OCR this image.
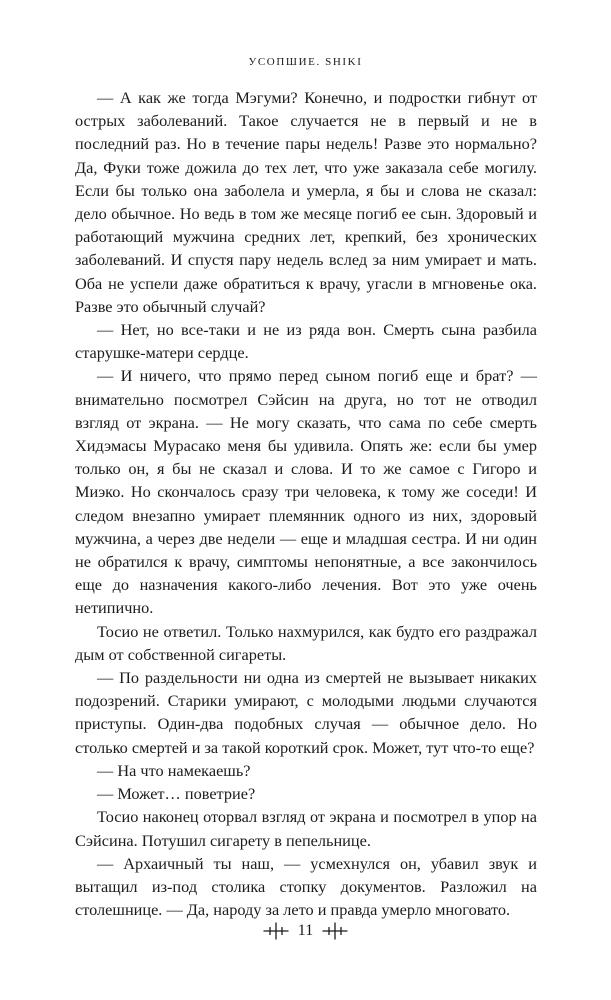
УСОПШИЕ. SHIKI

— А как же тогда Мэгуми? Конечно, и подростки гибнут от острых заболеваний. Такое случается не в первый и не в последний раз. Но в течение пары недель! Разве это нормально? Да, Фуки тоже дожила до тех лет, что уже заказала себе могилу. Если бы только она заболела и умерла, я бы и слова не сказал: дело обычное. Но ведь в том же месяце погиб ее сын. Здоровый и работающий мужчина средних лет, крепкий, без хронических заболеваний. И спустя пару недель вслед за ним умирает и мать. Оба не успели даже обратиться к врачу, угасли в мгновенье ока. Разве это обычный случай?

— Нет, но все-таки и не из ряда вон. Смерть сына разбила старушке-матери сердце.

— И ничего, что прямо перед сыном погиб еще и брат? — внимательно посмотрел Сэйсин на друга, но тот не отводил взгляд от экрана. — Не могу сказать, что сама по себе смерть Хидэмасы Мурасако меня бы удивила. Опять же: если бы умер только он, я бы не сказал и слова. И то же самое с Гигоро и Миэко. Но скончалось сразу три человека, к тому же соседи! И следом внезапно умирает племянник одного из них, здоровый мужчина, а через две недели — еще и младшая сестра. И ни один не обратился к врачу, симптомы непонятные, а все закончилось еще до назначения какого-либо лечения. Вот это уже очень нетипично.

Тосио не ответил. Только нахмурился, как будто его раздражал дым от собственной сигареты.

— По раздельности ни одна из смертей не вызывает никаких подозрений. Старики умирают, с молодыми людьми случаются приступы. Один-два подобных случая — обычное дело. Но столько смертей и за такой короткий срок. Может, тут что-то еще?

— На что намекаешь?

— Может… поветрие?

Тосио наконец оторвал взгляд от экрана и посмотрел в упор на Сэйсина. Потушил сигарету в пепельнице.

— Архаичный ты наш, — усмехнулся он, убавил звук и вытащил из-под столика стопку документов. Разложил на столешнице. — Да, народу за лето и правда умерло многовато.

11
